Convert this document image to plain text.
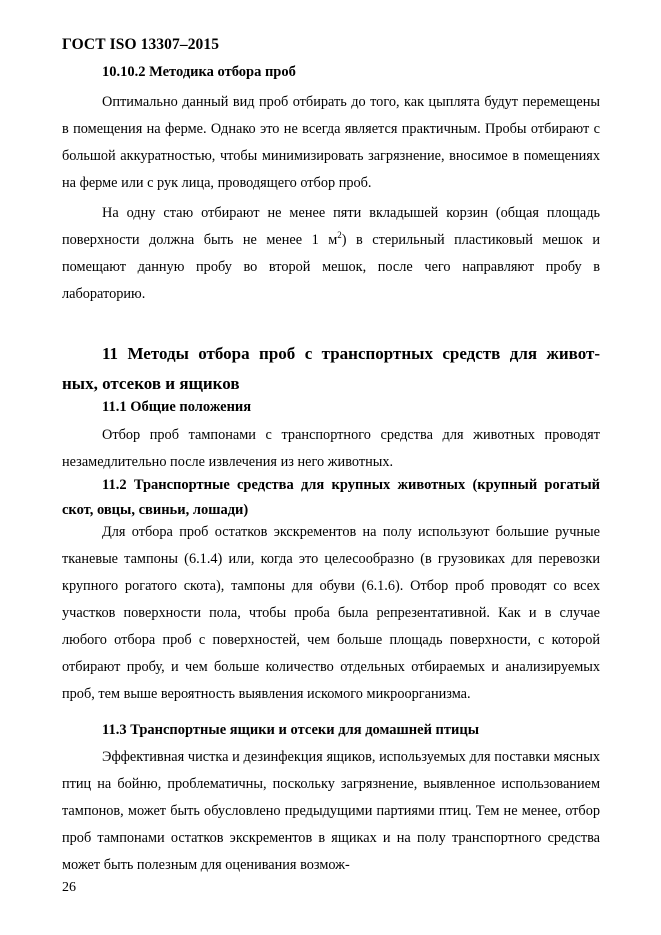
ГОСТ ISO 13307–2015
10.10.2 Методика отбора проб
Оптимально данный вид проб отбирать до того, как цыплята будут перемещены в помещения на ферме. Однако это не всегда является практичным. Пробы отбирают с большой аккуратностью, чтобы минимизировать загрязнение, вносимое в помещениях на ферме или с рук лица, проводящего отбор проб.
На одну стаю отбирают не менее пяти вкладышей корзин (общая площадь поверхности должна быть не менее 1 $м^2$) в стерильный пластиковый мешок и помещают данную пробу во второй мешок, после чего направляют пробу в лабораторию.
11 Методы отбора проб с транспортных средств для живот-
ных, отсеков и ящиков
11.1 Общие положения
Отбор проб тампонами с транспортного средства для животных проводят незамедлительно после извлечения из него животных.
11.2 Транспортные средства для крупных животных (крупный рогатый скот, овцы, свиньи, лошади)
Для отбора проб остатков экскрементов на полу используют большие ручные тканевые тампоны (6.1.4) или, когда это целесообразно (в грузовиках для перевозки крупного рогатого скота), тампоны для обуви (6.1.6). Отбор проб проводят со всех участков поверхности пола, чтобы проба была репрезентативной. Как и в случае любого отбора проб с поверхностей, чем больше площадь поверхности, с которой отбирают пробу, и чем больше количество отдельных отбираемых и анализируемых проб, тем выше вероятность выявления искомого микроорганизма.
11.3 Транспортные ящики и отсеки для домашней птицы
Эффективная чистка и дезинфекция ящиков, используемых для поставки мясных птиц на бойню, проблематичны, поскольку загрязнение, выявленное использованием тампонов, может быть обусловлено предыдущими партиями птиц. Тем не менее, отбор проб тампонами остатков экскрементов в ящиках и на полу транспортного средства может быть полезным для оценивания возмож-
26
